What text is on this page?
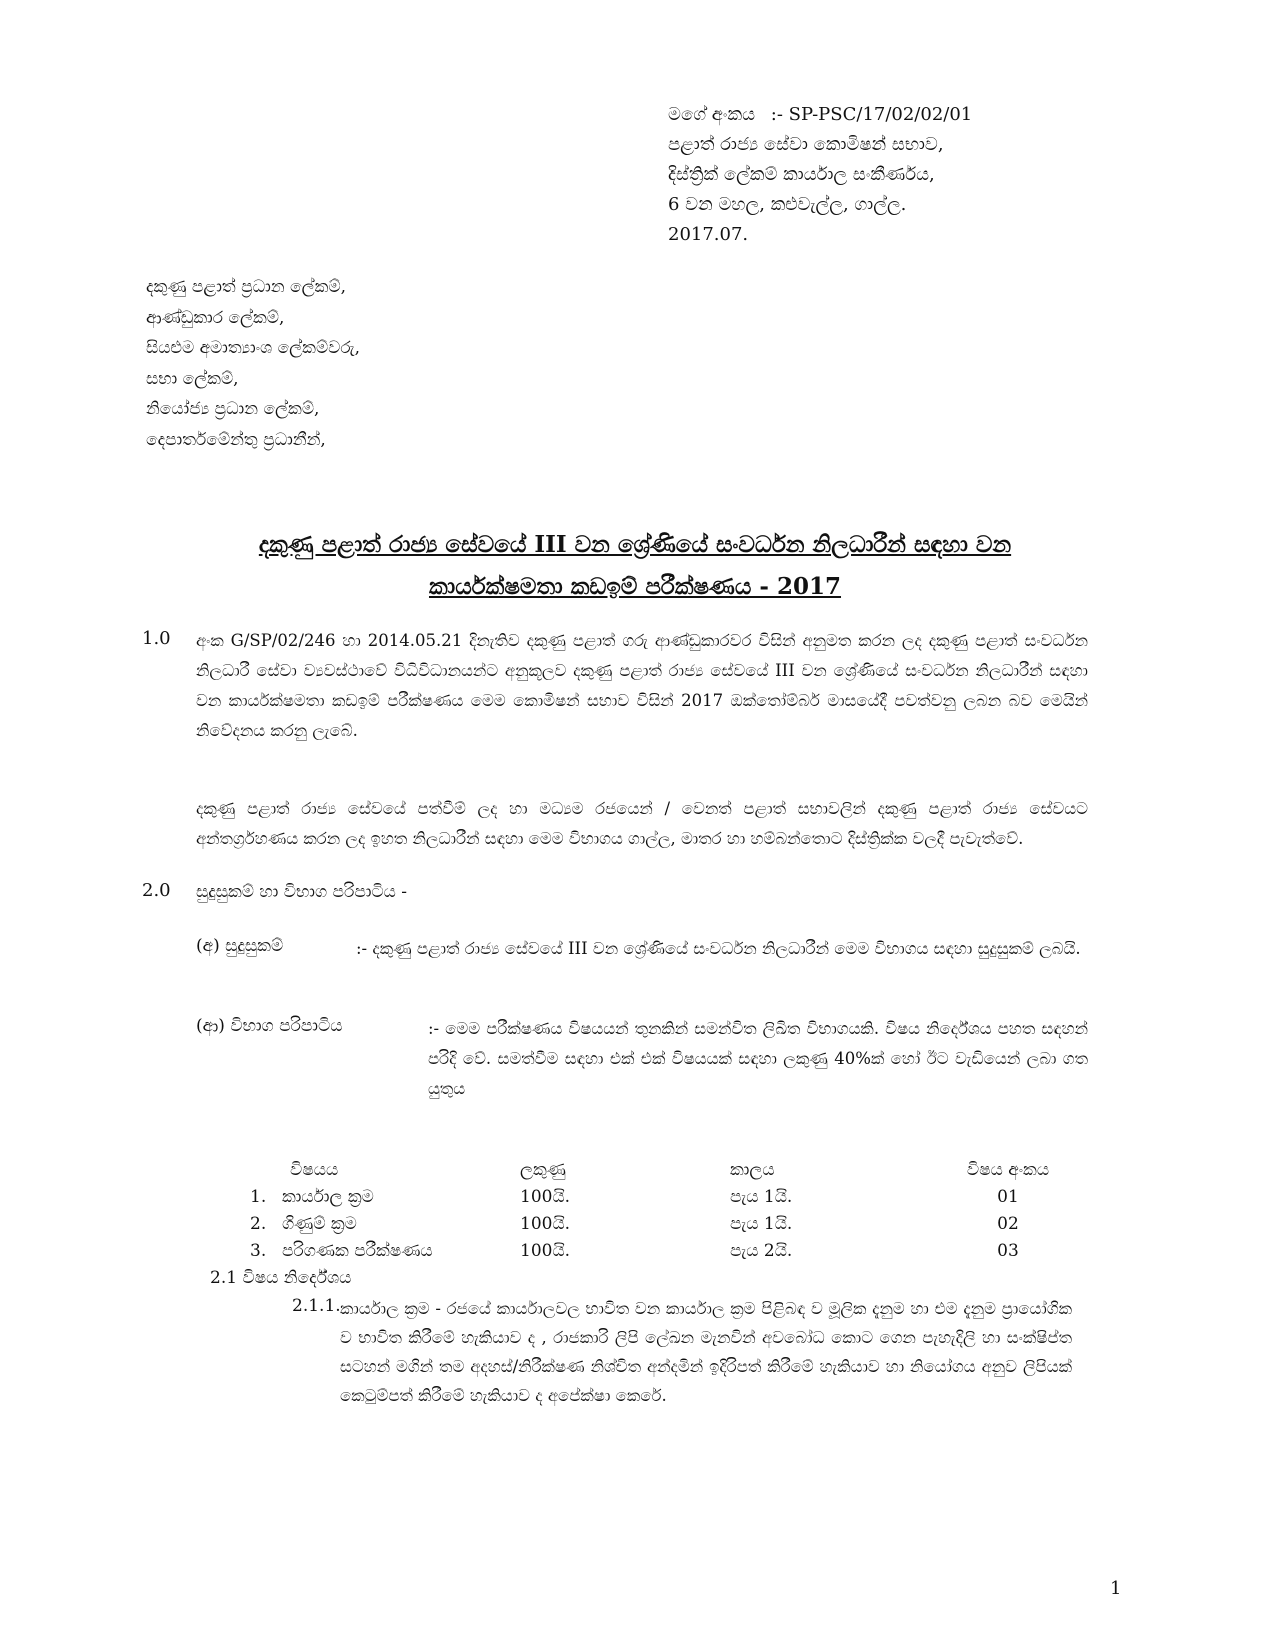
මගේ අංකය :- SP-PSC/17/02/02/01
පළාත් රාජ්‍ය සේවා කොමිෂන් සභාව,
දිස්ත්‍රික් ලේකම් කාර්යාල සංකීර්ණය,
6 වන මහල, කළුවැල්ල, ගාල්ල.
2017.07.
දකුණු පළාත් ප්‍රධාන ලේකම්,
ආණ්ඩුකාර ලේකම්,
සියළුම අමාත්‍යාංශ ලේකම්වරු,
සභා ලේකම්,
නියෝජ්‍ය ප්‍රධාන ලේකම්,
දෙපාර්තමේන්තු ප්‍රධානීන්,
දකුණු පළාත් රාජ්‍ය සේවයේ III වන ශ්‍රේණියේ සංවර්ධන නිලධාරීන් සඳහා වන
කාර්යක්ෂමතා කඩඉම් පරීක්ෂණය - 2017
1.0 අංක G/SP/02/246 හා 2014.05.21 දිනැතිව දකුණු පළාත් ගරු ආණ්ඩුකාරවර විසින් අනුමත කරන ලද දකුණු පළාත් සංවර්ධන නිලධාරී සේවා ව්‍යවස්ථාවේ විධිවිධානයන්ට අනුකූලව දකුණු පළාත් රාජ්‍ය සේවයේ III වන ශ්‍රේණියේ සංවර්ධන නිලධාරීන් සඳහා වන කාර්යක්ෂමතා කඩඉම් පරීක්ෂණය මෙම කොමිෂන් සභාව විසින් 2017 ඔක්තෝම්බර් මාසයේදී පවත්වනු ලබන බව මෙයින් නිවේදනය කරනු ලැබේ.
දකුණු පළාත් රාජ්‍ය සේවයේ පත්වීම් ලද හා මධ්‍යම රජයෙන් / වෙනත් පළාත් සභාවලින් දකුණු පළාත් රාජ්‍ය සේවයට අන්තර්ග්‍රහණය කරන ලද ඉහත නිලධාරීන් සඳහා මෙම විභාගය ගාල්ල, මාතර හා හම්බන්තොට දිස්ත්‍රික්ක වලදී පැවැත්වේ.
2.0 සුදුසුකම් හා විභාග පරිපාටිය -
(අ) සුදුසුකම්	:- දකුණු පළාත් රාජ්‍ය සේවයේ III වන ශ්‍රේණියේ සංවර්ධන නිලධාරීන් මෙම විභාගය සඳහා සුදුසුකම් ලබයි.
(ආ) විභාග පරිපාටිය	:- මෙම පරීක්ෂණය විෂයයන් තුනකින් සමන්විත ලිඛිත විභාගයකි. විෂය නිර්දේශය පහත සඳහන් පරිදි වේ. සමත්වීම සඳහා එක් එක් විෂයයක් සඳහා ලකුණු 40%ක් හෝ ඊට වැඩියෙන් ලබා ගත යුතුය
	විෂයය	ලකුණු	කාලය	විෂය අංකය
1.	කාර්යාල ක්‍රම	100යි.	පැය 1යි.	01
2.	ගිණුම් ක්‍රම	100යි.	පැය 1යි.	02
3.	පරිගණක පරීක්ෂණය	100යි.	පැය 2යි.	03
2.1 විෂය නිර්දේශය
2.1.1. කාර්යාල ක්‍රම - රජයේ කාර්යාලවල භාවිත වන කාර්යාල ක්‍රම පිළිබඳ ව මූලික දැනුම හා එම දැනුම ප්‍රායෝගික ව භාවිත කිරීමේ හැකියාව ද , රාජකාරි ලිපි ලේඛන මැනවින් අවබෝධ කොට ගෙන පැහැදිලි හා සංක්ෂිප්ත සටහන් මගින් තම අදහස්/නිරීක්ෂණ නිශ්චිත අන්දමින් ඉදිරිපත් කිරීමේ හැකියාව හා නියෝගය අනුව ලිපියක් කෙටුම්පත් කිරීමේ හැකියාව ද අපේක්ෂා කෙරේ.
1
